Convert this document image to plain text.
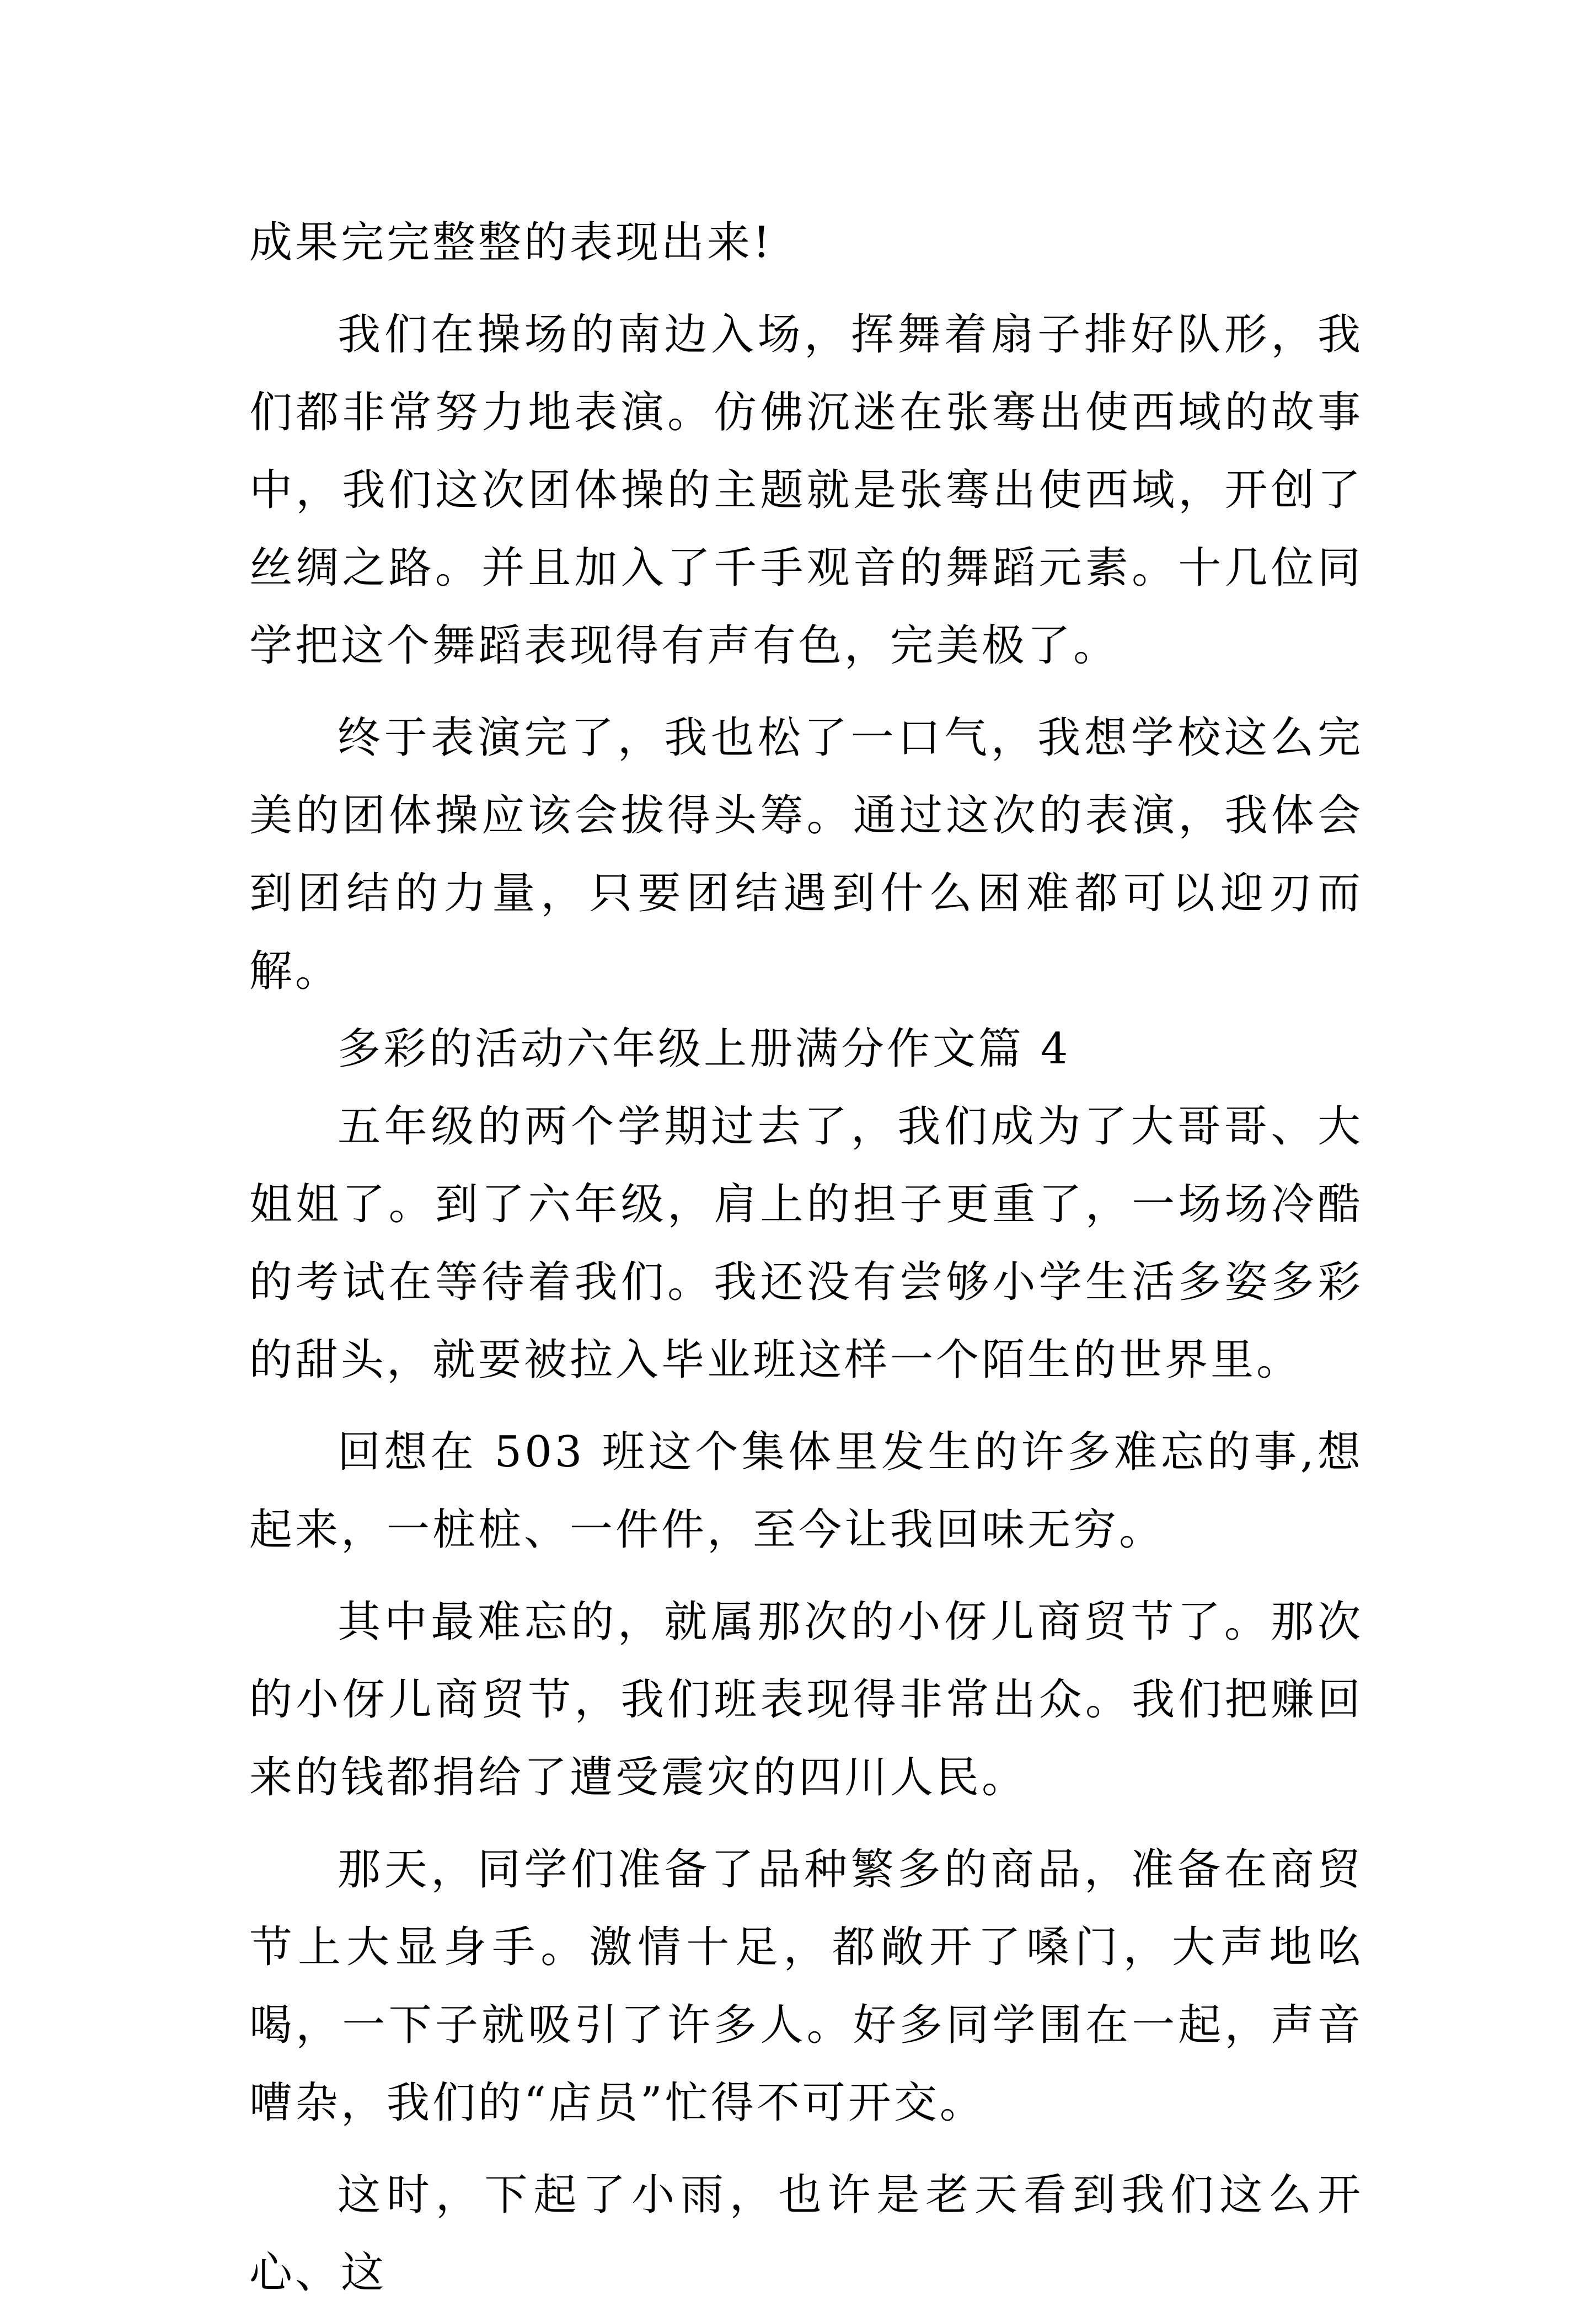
成果完完整整的表现出来!

我们在操场的南边入场，挥舞着扇子排好队形，我们都非常努力地表演。仿佛沉迷在张骞出使西域的故事中，我们这次团体操的主题就是张骞出使西域，开创了丝绸之路。并且加入了千手观音的舞蹈元素。十几位同学把这个舞蹈表现得有声有色，完美极了。

终于表演完了，我也松了一口气，我想学校这么完美的团体操应该会拔得头筹。通过这次的表演，我体会到团结的力量，只要团结遇到什么困难都可以迎刃而解。

多彩的活动六年级上册满分作文篇 4

五年级的两个学期过去了，我们成为了大哥哥、大姐姐了。到了六年级，肩上的担子更重了，一场场冷酷的考试在等待着我们。我还没有尝够小学生活多姿多彩的甜头，就要被拉入毕业班这样一个陌生的世界里。

回想在 503 班这个集体里发生的许多难忘的事,想起来，一桩桩、一件件，至今让我回味无穷。

其中最难忘的，就属那次的小伢儿商贸节了。那次的小伢儿商贸节，我们班表现得非常出众。我们把赚回来的钱都捐给了遭受震灾的四川人民。

那天，同学们准备了品种繁多的商品，准备在商贸节上大显身手。激情十足，都敞开了嗓门，大声地吆喝，一下子就吸引了许多人。好多同学围在一起，声音嘈杂，我们的“店员”忙得不可开交。

这时，下起了小雨，也许是老天看到我们这么开心、这
